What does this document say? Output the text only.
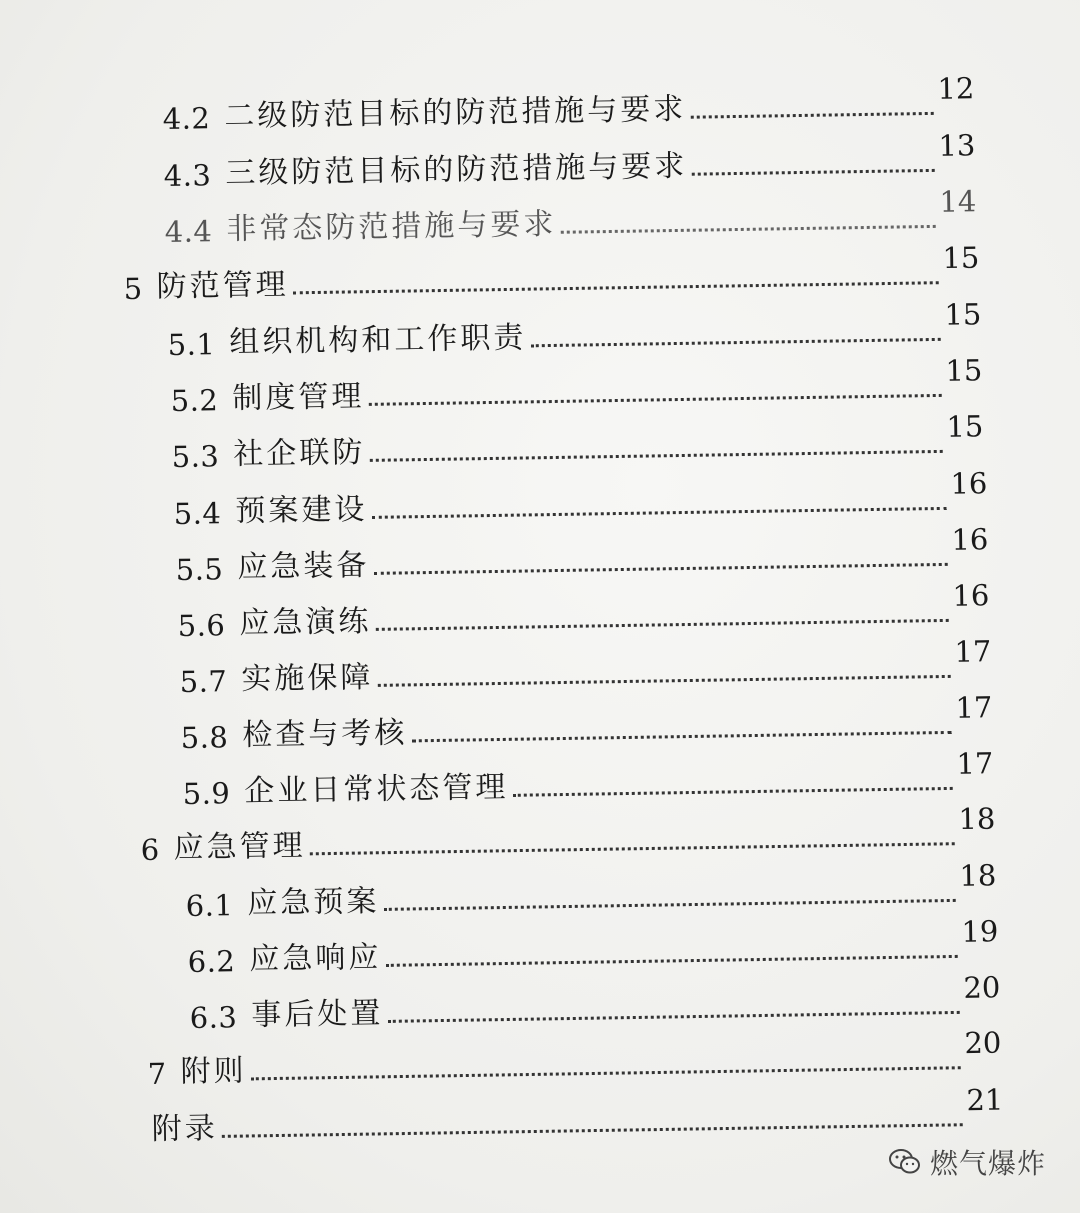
4.2 二级防范目标的防范措施与要求
12
4.3 三级防范目标的防范措施与要求
13
4.4 非常态防范措施与要求
14
5 防范管理
15
5.1 组织机构和工作职责
15
5.2 制度管理
15
5.3 社企联防
15
5.4 预案建设
16
5.5 应急装备
16
5.6 应急演练
16
5.7 实施保障
17
5.8 检查与考核
17
5.9 企业日常状态管理
17
6 应急管理
18
6.1 应急预案
18
6.2 应急响应
19
6.3 事后处置
20
7 附则
20
附录
21
燃气爆炸
